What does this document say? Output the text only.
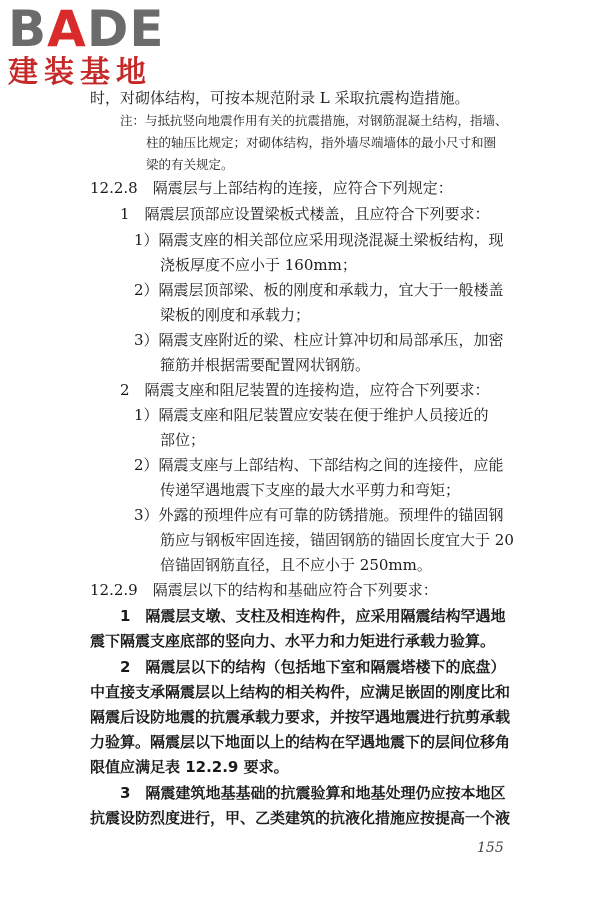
BADE
建装基地
时，对砌体结构，可按本规范附录 L 采取抗震构造措施。
注：与抵抗竖向地震作用有关的抗震措施，对钢筋混凝土结构，指墙、
柱的轴压比规定；对砌体结构，指外墙尽端墙体的最小尺寸和圈
梁的有关规定。
12.2.8　隔震层与上部结构的连接，应符合下列规定：
1　隔震层顶部应设置梁板式楼盖，且应符合下列要求：
1）隔震支座的相关部位应采用现浇混凝土梁板结构，现
浇板厚度不应小于 160mm；
2）隔震层顶部梁、板的刚度和承载力，宜大于一般楼盖
梁板的刚度和承载力；
3）隔震支座附近的梁、柱应计算冲切和局部承压，加密
箍筋并根据需要配置网状钢筋。
2　隔震支座和阻尼装置的连接构造，应符合下列要求：
1）隔震支座和阻尼装置应安装在便于维护人员接近的
部位；
2）隔震支座与上部结构、下部结构之间的连接件，应能
传递罕遇地震下支座的最大水平剪力和弯矩；
3）外露的预埋件应有可靠的防锈措施。预埋件的锚固钢
筋应与钢板牢固连接，锚固钢筋的锚固长度宜大于 20
倍锚固钢筋直径，且不应小于 250mm。
12.2.9　隔震层以下的结构和基础应符合下列要求：
1　隔震层支墩、支柱及相连构件，应采用隔震结构罕遇地
震下隔震支座底部的竖向力、水平力和力矩进行承载力验算。
2　隔震层以下的结构（包括地下室和隔震塔楼下的底盘）
中直接支承隔震层以上结构的相关构件，应满足嵌固的刚度比和
隔震后设防地震的抗震承载力要求，并按罕遇地震进行抗剪承载
力验算。隔震层以下地面以上的结构在罕遇地震下的层间位移角
限值应满足表 12.2.9 要求。
3　隔震建筑地基基础的抗震验算和地基处理仍应按本地区
抗震设防烈度进行，甲、乙类建筑的抗液化措施应按提高一个液
155
